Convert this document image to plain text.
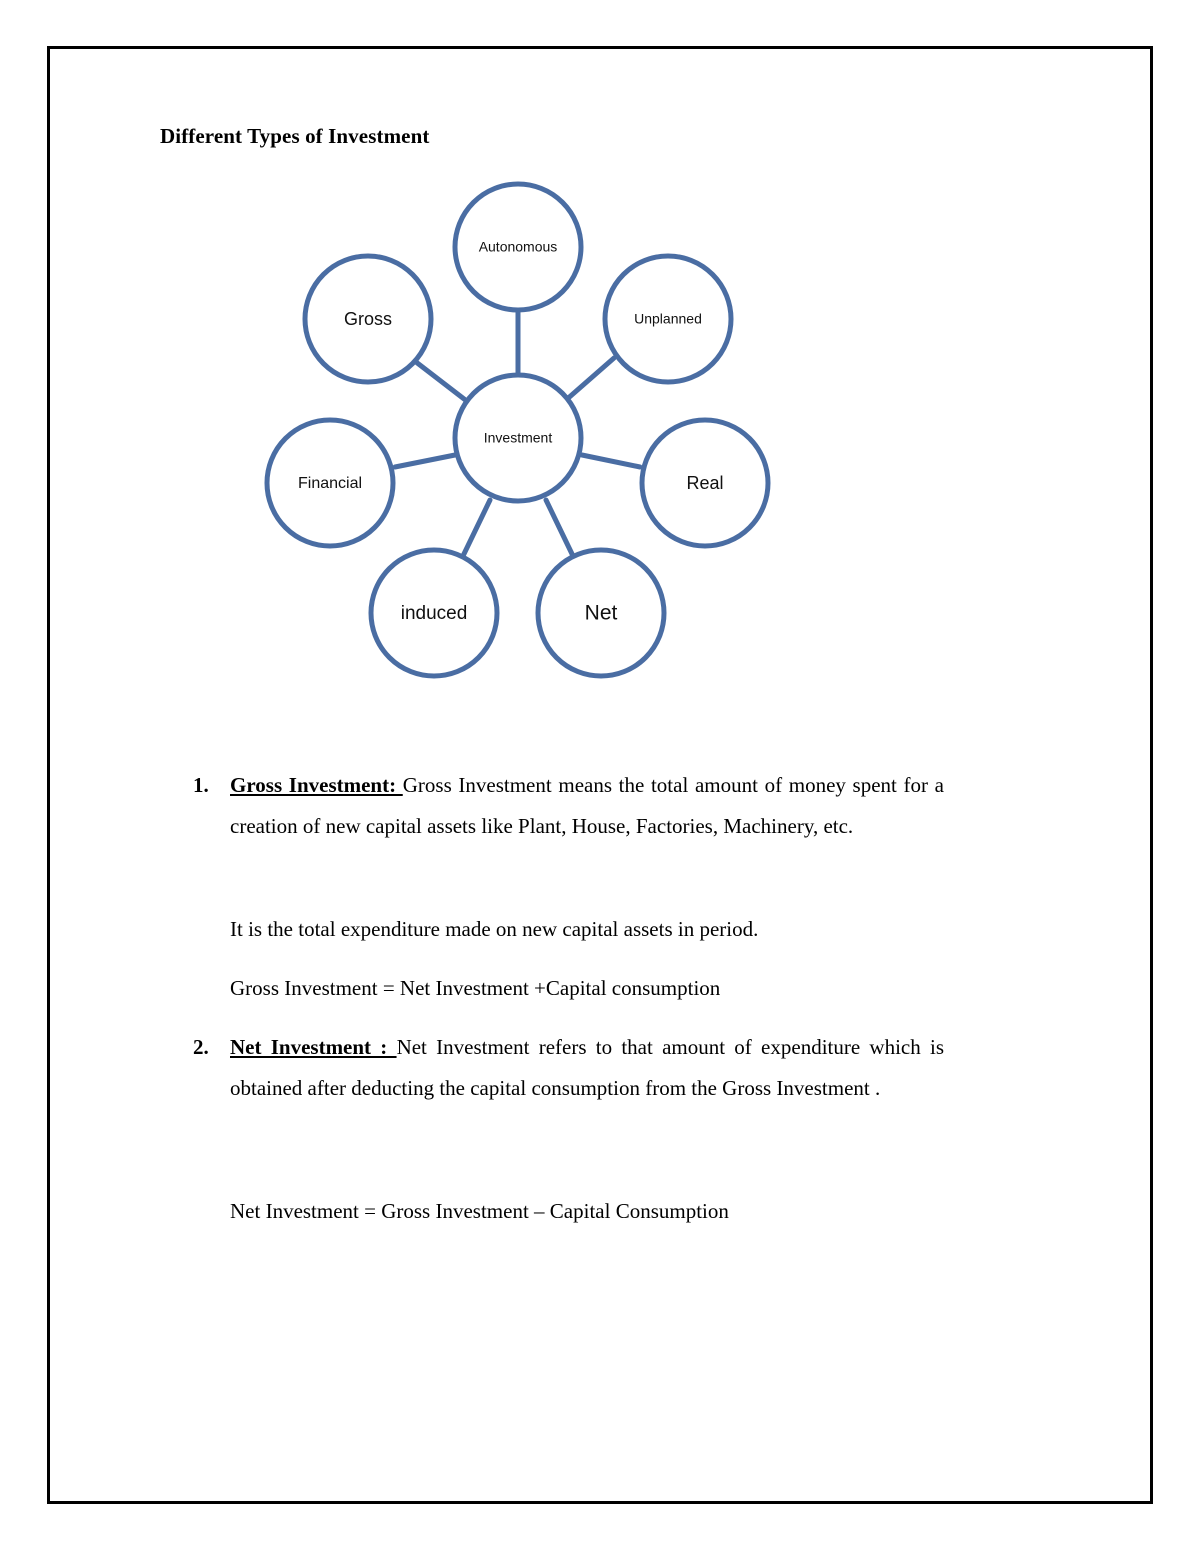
Different Types of Investment
Investment
Autonomous
Unplanned
Real
Net
induced
Financial
Gross
1. Gross Investment: Gross Investment means the total amount of money spent for a creation of new capital assets like Plant, House, Factories, Machinery, etc.

It is the total expenditure made on new capital assets in period.

Gross Investment = Net Investment +Capital consumption

2. Net Investment : Net Investment refers to that amount of expenditure which is obtained after deducting the capital consumption from the Gross Investment .

Net Investment = Gross Investment – Capital Consumption
